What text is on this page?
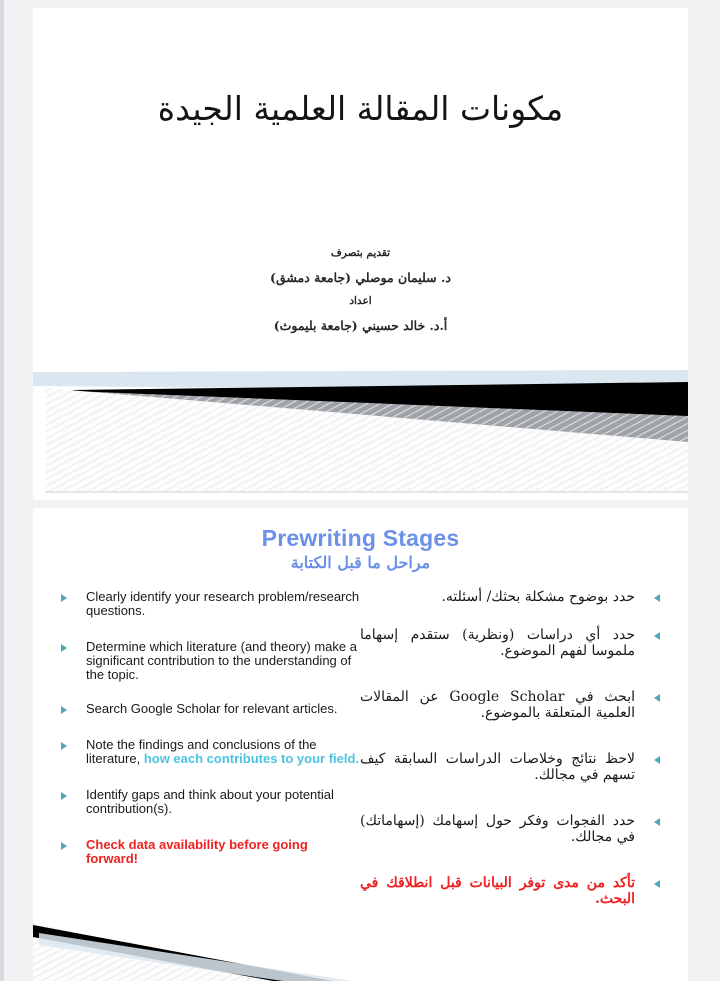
مكونات المقالة العلمية الجيدة
تقديم بتصرف
د. سليمان موصلي (جامعة دمشق)
اعداد
أ.د. خالد حسيني (جامعة بليموث)
Prewriting Stages
مراحل ما قبل الكتابة
Clearly identify your research problem/research questions.
Determine which literature (and theory) make a significant contribution to the understanding of the topic.
Search Google Scholar for relevant articles.
Note the findings and conclusions of the literature, how each contributes to your field.
Identify gaps and think about your potential contribution(s).
Check data availability before going forward!
حدد بوضوح مشكلة بحثك/ أسئلته.
حدد أي دراسات (ونظرية) ستقدم إسهاما ملموسا لفهم الموضوع.
ابحث في Google Scholar عن المقالات العلمية المتعلقة بالموضوع.
لاحظ نتائج وخلاصات الدراسات السابقة كيف تسهم في مجالك.
حدد الفجوات وفكر حول إسهامك (إسهاماتك) في مجالك.
تأكد من مدى توفر البيانات قبل انطلاقك في البحث.
